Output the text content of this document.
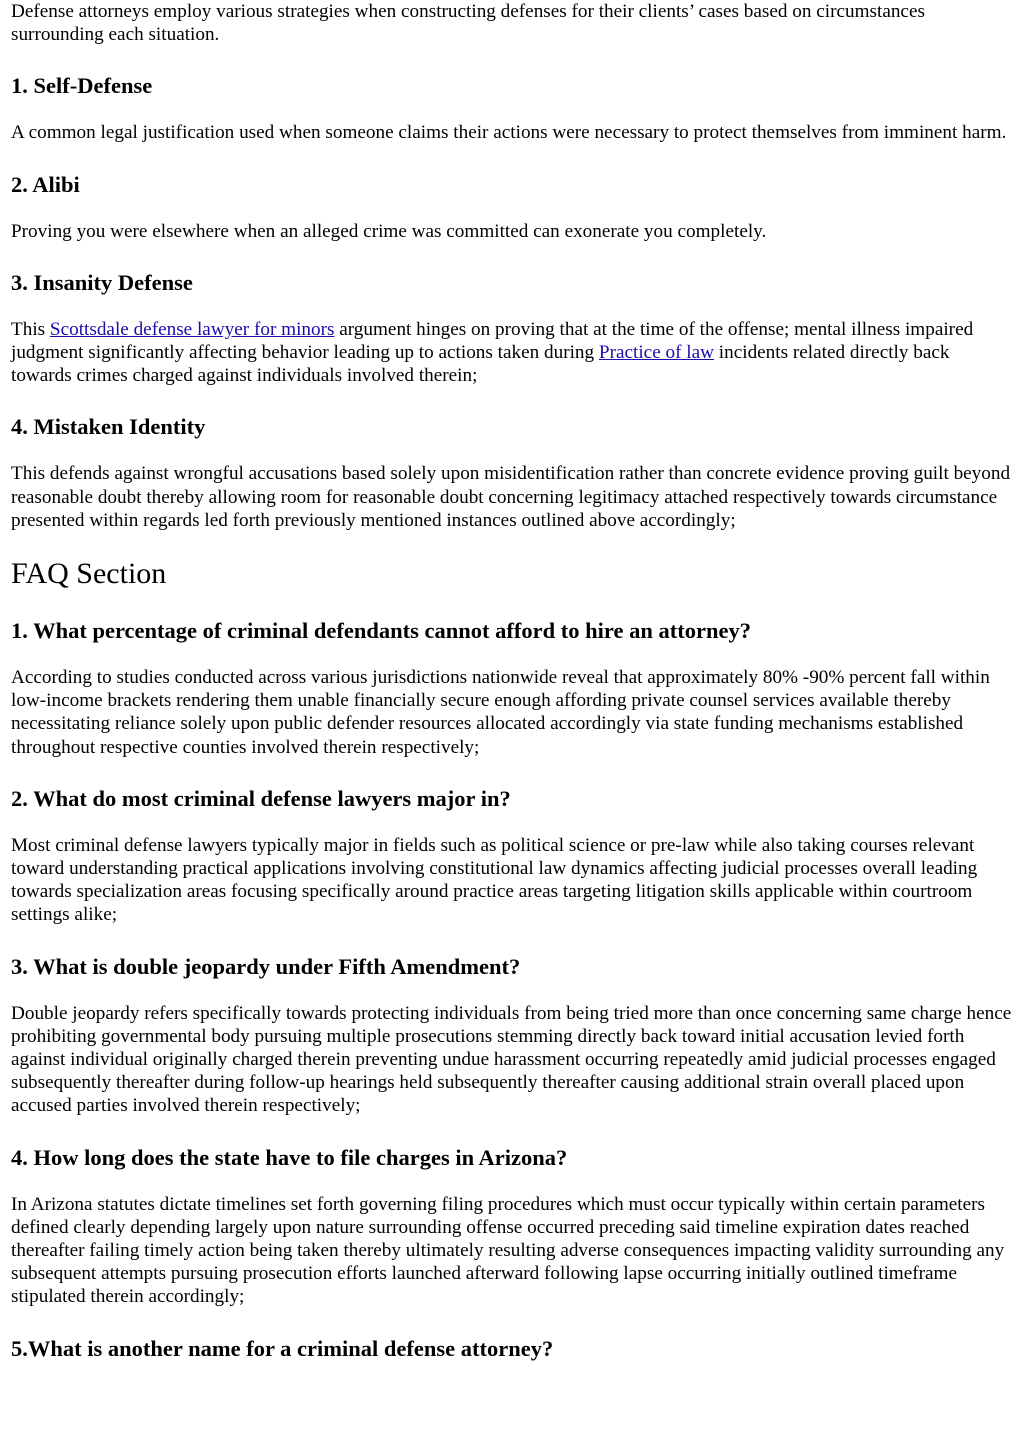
Defense attorneys employ various strategies when constructing defenses for their clients’ cases based on circumstances surrounding each situation.

1. Self-Defense

A common legal justification used when someone claims their actions were necessary to protect themselves from imminent harm.

2. Alibi

Proving you were elsewhere when an alleged crime was committed can exonerate you completely.

3. Insanity Defense

This Scottsdale defense lawyer for minors argument hinges on proving that at the time of the offense; mental illness impaired judgment significantly affecting behavior leading up to actions taken during Practice of law incidents related directly back towards crimes charged against individuals involved therein;

4. Mistaken Identity

This defends against wrongful accusations based solely upon misidentification rather than concrete evidence proving guilt beyond reasonable doubt thereby allowing room for reasonable doubt concerning legitimacy attached respectively towards circumstance presented within regards led forth previously mentioned instances outlined above accordingly;

FAQ Section
1. What percentage of criminal defendants cannot afford to hire an attorney?

According to studies conducted across various jurisdictions nationwide reveal that approximately 80% -90% percent fall within low-income brackets rendering them unable financially secure enough affording private counsel services available thereby necessitating reliance solely upon public defender resources allocated accordingly via state funding mechanisms established throughout respective counties involved therein respectively;

2. What do most criminal defense lawyers major in?

Most criminal defense lawyers typically major in fields such as political science or pre-law while also taking courses relevant toward understanding practical applications involving constitutional law dynamics affecting judicial processes overall leading towards specialization areas focusing specifically around practice areas targeting litigation skills applicable within courtroom settings alike;

3. What is double jeopardy under Fifth Amendment?

Double jeopardy refers specifically towards protecting individuals from being tried more than once concerning same charge hence prohibiting governmental body pursuing multiple prosecutions stemming directly back toward initial accusation levied forth against individual originally charged therein preventing undue harassment occurring repeatedly amid judicial processes engaged subsequently thereafter during follow-up hearings held subsequently thereafter causing additional strain overall placed upon accused parties involved therein respectively;

4. How long does the state have to file charges in Arizona?

In Arizona statutes dictate timelines set forth governing filing procedures which must occur typically within certain parameters defined clearly depending largely upon nature surrounding offense occurred preceding said timeline expiration dates reached thereafter failing timely action being taken thereby ultimately resulting adverse consequences impacting validity surrounding any subsequent attempts pursuing prosecution efforts launched afterward following lapse occurring initially outlined timeframe stipulated therein accordingly;

5.What is another name for a criminal defense attorney?
